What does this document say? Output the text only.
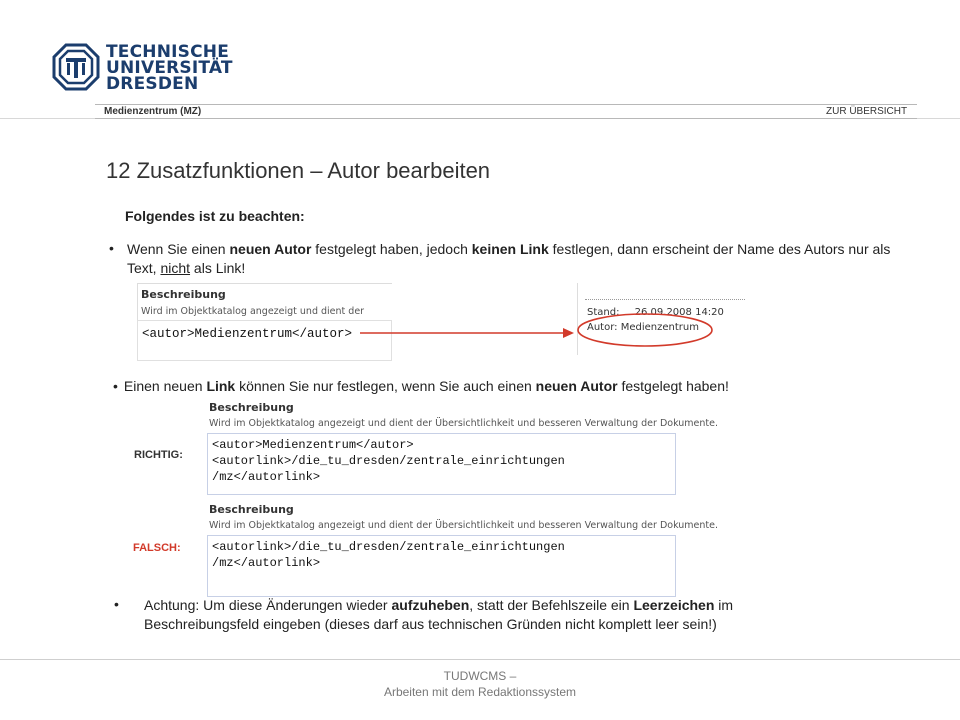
TECHNISCHE
UNIVERSITÄT
DRESDEN
Medienzentrum (MZ)	ZUR ÜBERSICHT
12 Zusatzfunktionen – Autor bearbeiten
Folgendes ist zu beachten:
• Wenn Sie einen neuen Autor festgelegt haben, jedoch keinen Link festlegen, dann erscheint der Name des Autors nur als Text, nicht als Link!
Beschreibung
Wird im Objektkatalog angezeigt und dient der
<autor>Medienzentrum</autor>
Stand: 26.09.2008 14:20
Autor: Medienzentrum
• Einen neuen Link können Sie nur festlegen, wenn Sie auch einen neuen Autor festgelegt haben!
RICHTIG:
Beschreibung
Wird im Objektkatalog angezeigt und dient der Übersichtlichkeit und besseren Verwaltung der Dokumente.
<autor>Medienzentrum</autor>
<autorlink>/die_tu_dresden/zentrale_einrichtungen
/mz</autorlink>
FALSCH:
Beschreibung
Wird im Objektkatalog angezeigt und dient der Übersichtlichkeit und besseren Verwaltung der Dokumente.
<autorlink>/die_tu_dresden/zentrale_einrichtungen
/mz</autorlink>
• Achtung: Um diese Änderungen wieder aufzuheben, statt der Befehlszeile ein Leerzeichen im Beschreibungsfeld eingeben (dieses darf aus technischen Gründen nicht komplett leer sein!)
TUDWCMS –
Arbeiten mit dem Redaktionssystem
